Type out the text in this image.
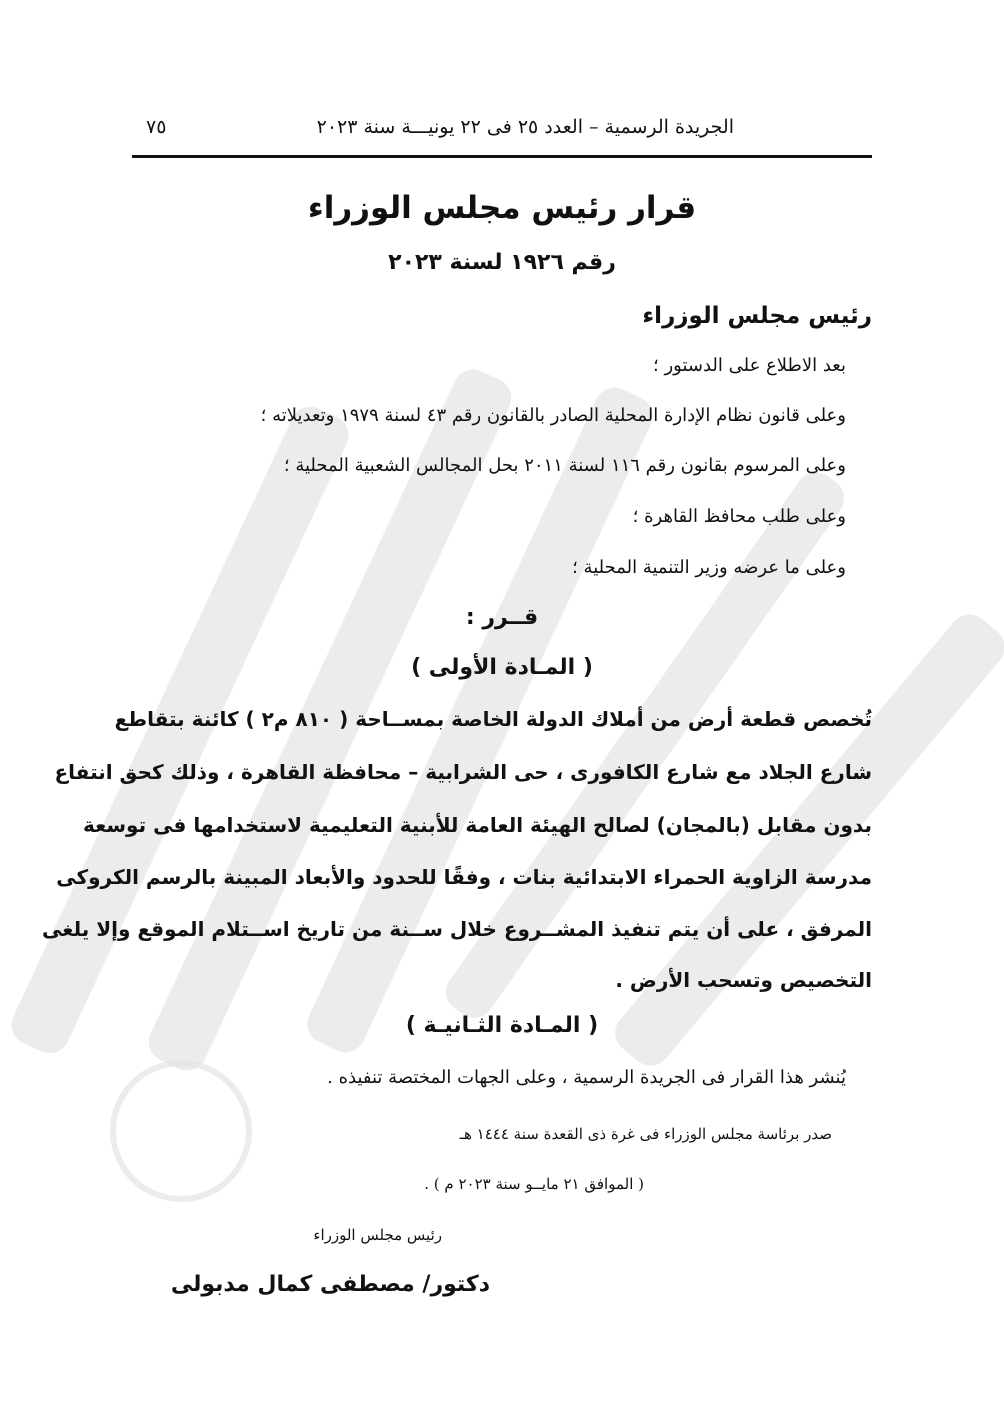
الجريدة الرسمية – العدد ٢٥ فى ٢٢ يونيـــة سنة ٢٠٢٣
٧٥
قرار رئيس مجلس الوزراء
رقم ١٩٢٦ لسنة ٢٠٢٣
رئيس مجلس الوزراء
بعد الاطلاع على الدستور ؛
وعلى قانون نظام الإدارة المحلية الصادر بالقانون رقم ٤٣ لسنة ١٩٧٩ وتعديلاته ؛
وعلى المرسوم بقانون رقم ١١٦ لسنة ٢٠١١ بحل المجالس الشعبية المحلية ؛
وعلى طلب محافظ القاهرة ؛
وعلى ما عرضه وزير التنمية المحلية ؛
قــرر :
( المـادة الأولى )
تُخصص قطعة أرض من أملاك الدولة الخاصة بمســاحة ( ٨١٠ م٢ ) كائنة بتقاطع
شارع الجلاد مع شارع الكافورى ، حى الشرابية – محافظة القاهرة ، وذلك كحق انتفاع
بدون مقابل (بالمجان) لصالح الهيئة العامة للأبنية التعليمية لاستخدامها فى توسعة
مدرسة الزاوية الحمراء الابتدائية بنات ، وفقًا للحدود والأبعاد المبينة بالرسم الكروكى
المرفق ، على أن يتم تنفيذ المشــروع خلال ســنة من تاريخ اســتلام الموقع وإلا يلغى
التخصيص وتسحب الأرض .
( المـادة الثـانيـة )
يُنشر هذا القرار فى الجريدة الرسمية ، وعلى الجهات المختصة تنفيذه .
صدر برئاسة مجلس الوزراء فى غرة ذى القعدة سنة ١٤٤٤ هـ
( الموافق ٢١ مايــو سنة ٢٠٢٣ م ) .
رئيس مجلس الوزراء
دكتور/ مصطفى كمال مدبولى
